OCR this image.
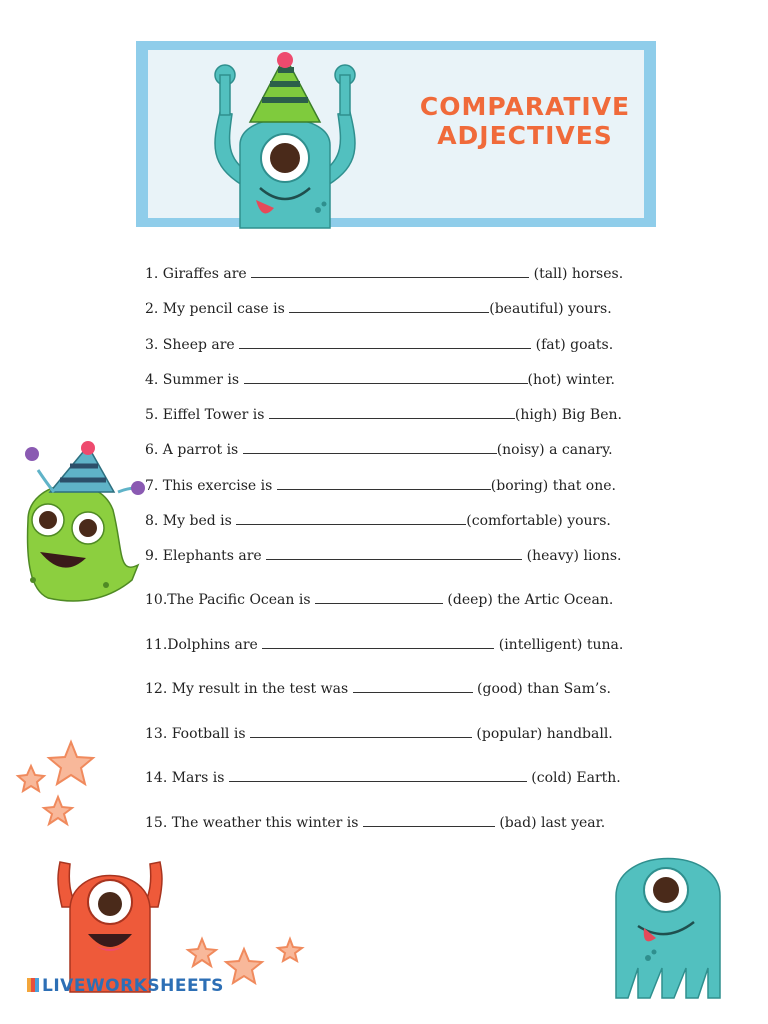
COMPARATIVE
ADJECTIVES
1. Giraffes are	(tall) horses.
2. My pencil case is	(beautiful) yours.
3. Sheep are	(fat) goats.
4. Summer is	(hot) winter.
5. Eiffel Tower is	(high) Big Ben.
6. A parrot is	(noisy) a canary.
7. This exercise is	(boring) that one.
8. My bed is	(comfortable) yours.
9. Elephants are	(heavy) lions.
10.The Pacific Ocean is	(deep) the Artic Ocean.
11.Dolphins are	(intelligent) tuna.
12. My result in the test was	(good) than Sam’s.
13. Football is	(popular) handball.
14. Mars is	(cold) Earth.
15. The weather this winter is	(bad) last year.
LIVEWORKSHEETS
